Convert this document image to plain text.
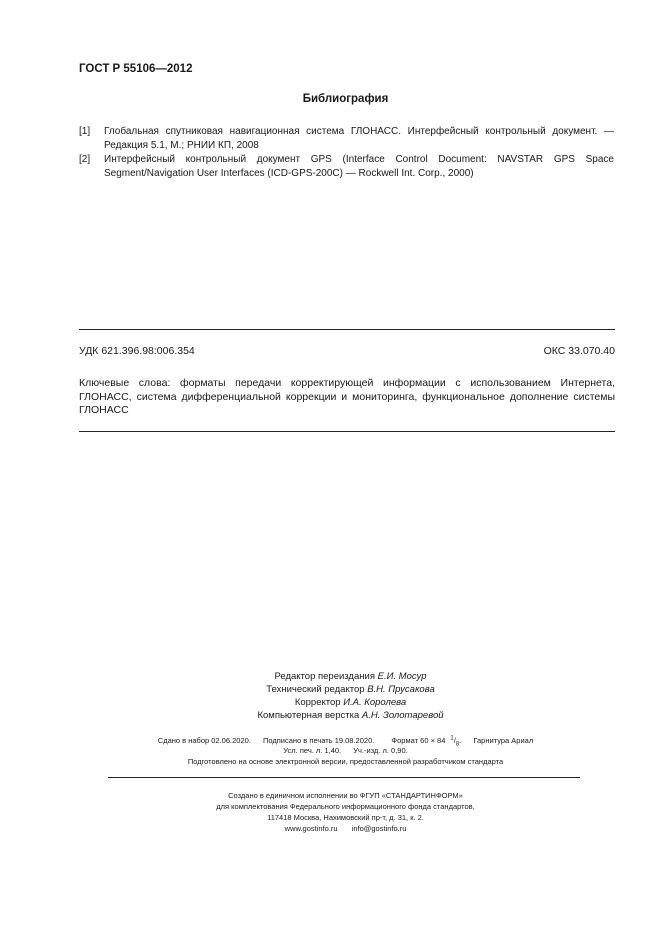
ГОСТ Р 55106—2012
Библиография
[1] Глобальная спутниковая навигационная система ГЛОНАСС. Интерфейсный контрольный документ. — Редакция 5.1, М.; РНИИ КП, 2008
[2] Интерфейсный контрольный документ GPS (Interface Control Document: NAVSTAR GPS Space Segment/Navigation User Interfaces (ICD-GPS-200C) — Rockwell Int. Corp., 2000)
УДК 621.396.98:006.354	ОКС 33.070.40
Ключевые слова: форматы передачи корректирующей информации с использованием Интернета, ГЛОНАСС, система дифференциальной коррекции и мониторинга, функциональное дополнение системы ГЛОНАСС
Редактор переиздания Е.И. Мосур
Технический редактор В.Н. Прусакова
Корректор И.А. Королева
Компьютерная верстка А.Н. Золотаревой
Сдано в набор 02.06.2020. Подписано в печать 19.08.2020. Формат 60 × 84 $^1/_8$. Гарнитура Ариал
Усл. печ. л. 1,40. Уч.-изд. л. 0,90.
Подготовлено на основе электронной версии, предоставленной разработчиком стандарта
Создано в единичном исполнении во ФГУП «СТАНДАРТИНФОРМ»
для комплектования Федерального информационного фонда стандартов,
117418 Москва, Нахимовский пр-т, д. 31, к. 2.
www.gostinfo.ru info@gostinfo.ru
